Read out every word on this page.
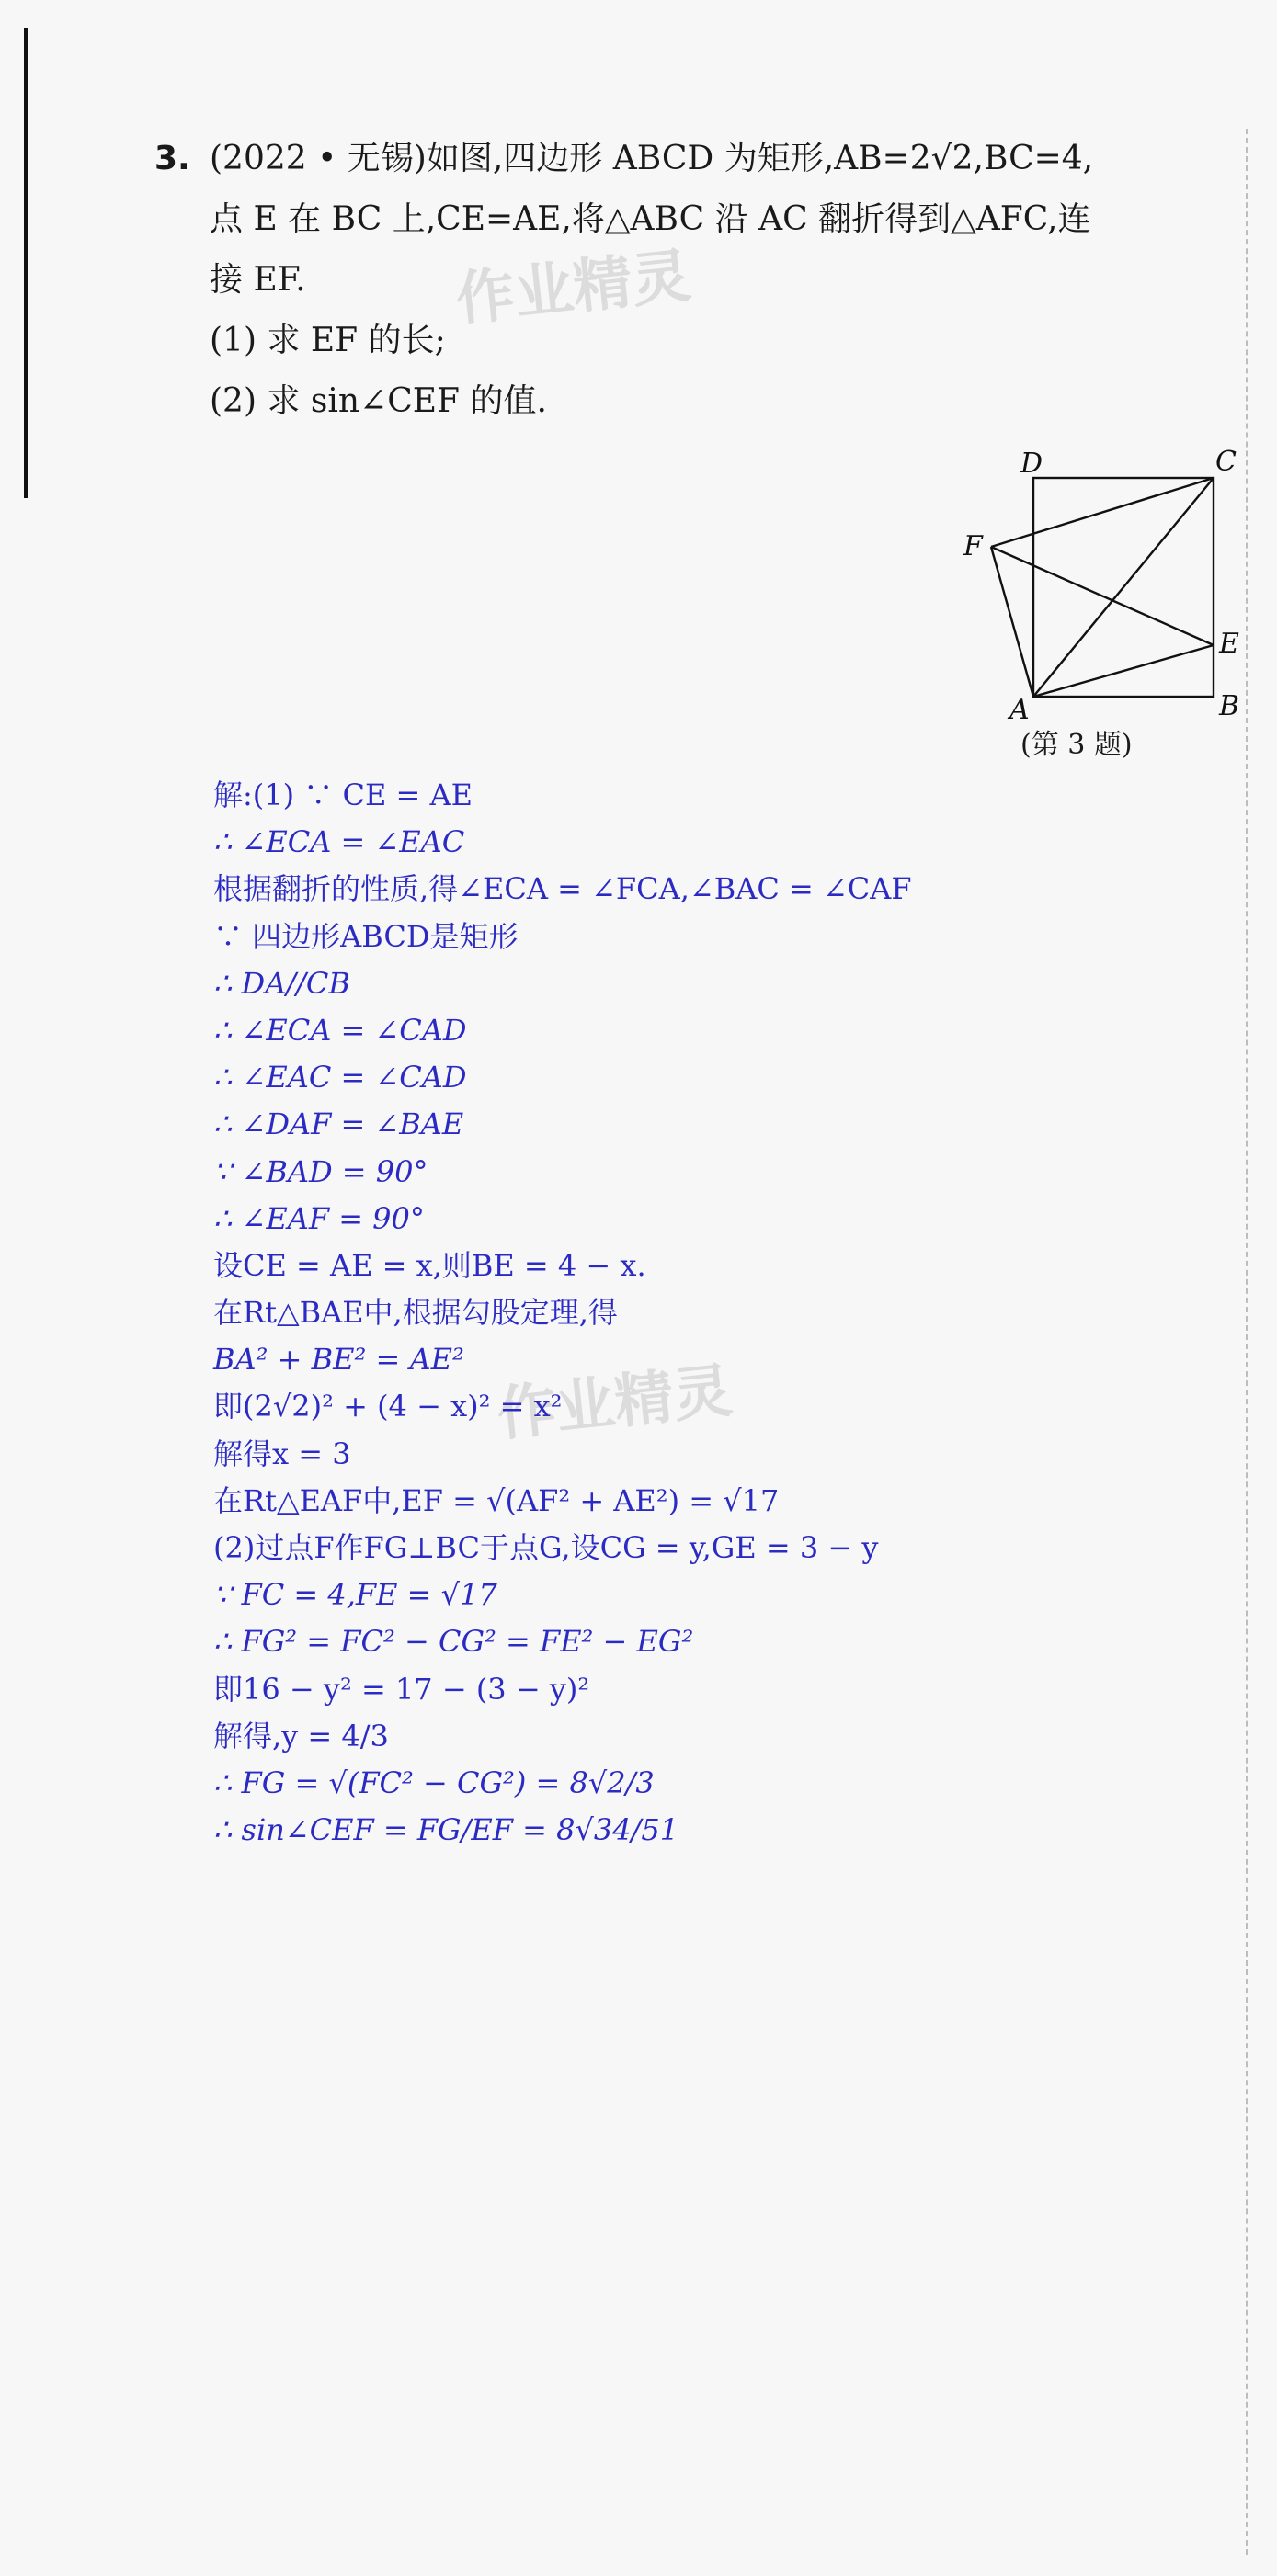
3. (2022 • 无锡)如图,四边形 ABCD 为矩形,AB=2√2,BC=4,
点 E 在 BC 上,CE=AE,将△ABC 沿 AC 翻折得到△AFC,连
接 EF.
(1) 求 EF 的长;
(2) 求 sin∠CEF 的值.
D	C
F
E
A	B
(第 3 题)
作业精灵
作业精灵
解:(1) ∵ CE = AE
∴ ∠ECA = ∠EAC
根据翻折的性质,得∠ECA = ∠FCA,∠BAC = ∠CAF
∵ 四边形ABCD是矩形
∴ DA//CB
∴ ∠ECA = ∠CAD
∴ ∠EAC = ∠CAD
∴ ∠DAF = ∠BAE
∵ ∠BAD = 90°
∴ ∠EAF = 90°
设CE = AE = x,则BE = 4 − x.
在Rt△BAE中,根据勾股定理,得
BA² + BE² = AE²
即(2√2)² + (4 − x)² = x²
解得x = 3
在Rt△EAF中,EF = √(AF² + AE²) = √17
(2)过点F作FG⊥BC于点G,设CG = y,GE = 3 − y
∵ FC = 4,FE = √17
∴ FG² = FC² − CG² = FE² − EG²
即16 − y² = 17 − (3 − y)²
解得,y = 4/3
∴ FG = √(FC² − CG²) = 8√2/3
∴ sin∠CEF = FG/EF = 8√34/51
